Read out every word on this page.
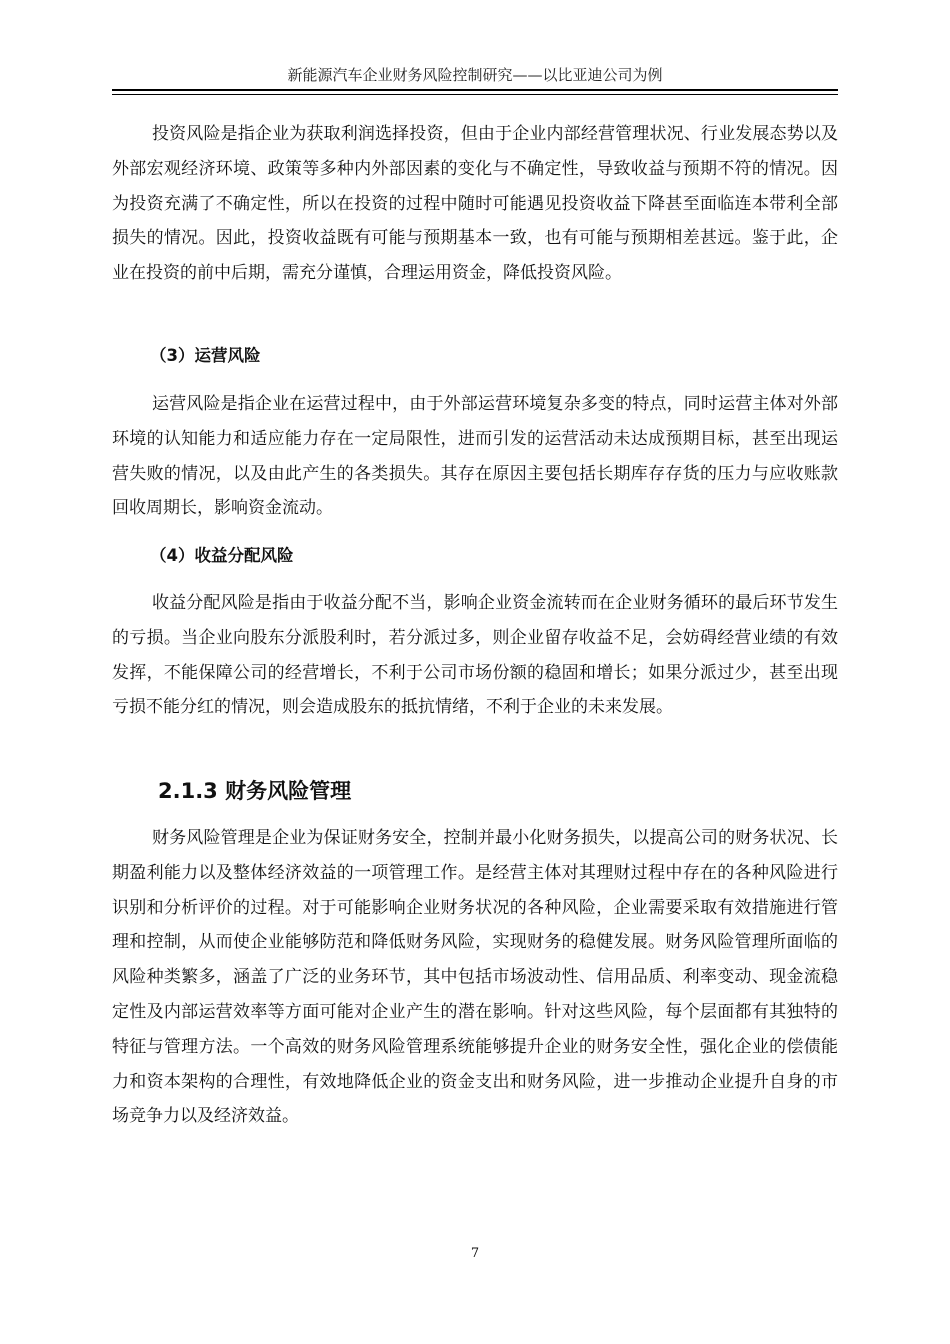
新能源汽车企业财务风险控制研究——以比亚迪公司为例

投资风险是指企业为获取利润选择投资，但由于企业内部经营管理状况、行业发展态势以及外部宏观经济环境、政策等多种内外部因素的变化与不确定性，导致收益与预期不符的情况。因为投资充满了不确定性，所以在投资的过程中随时可能遇见投资收益下降甚至面临连本带利全部损失的情况。因此，投资收益既有可能与预期基本一致，也有可能与预期相差甚远。鉴于此，企业在投资的前中后期，需充分谨慎，合理运用资金，降低投资风险。

（3）运营风险

运营风险是指企业在运营过程中，由于外部运营环境复杂多变的特点，同时运营主体对外部环境的认知能力和适应能力存在一定局限性，进而引发的运营活动未达成预期目标，甚至出现运营失败的情况，以及由此产生的各类损失。其存在原因主要包括长期库存存货的压力与应收账款回收周期长，影响资金流动。

（4）收益分配风险

收益分配风险是指由于收益分配不当，影响企业资金流转而在企业财务循环的最后环节发生的亏损。当企业向股东分派股利时，若分派过多，则企业留存收益不足，会妨碍经营业绩的有效发挥，不能保障公司的经营增长，不利于公司市场份额的稳固和增长；如果分派过少，甚至出现亏损不能分红的情况，则会造成股东的抵抗情绪，不利于企业的未来发展。

2.1.3 财务风险管理

财务风险管理是企业为保证财务安全，控制并最小化财务损失，以提高公司的财务状况、长期盈利能力以及整体经济效益的一项管理工作。是经营主体对其理财过程中存在的各种风险进行识别和分析评价的过程。对于可能影响企业财务状况的各种风险，企业需要采取有效措施进行管理和控制，从而使企业能够防范和降低财务风险，实现财务的稳健发展。财务风险管理所面临的风险种类繁多，涵盖了广泛的业务环节，其中包括市场波动性、信用品质、利率变动、现金流稳定性及内部运营效率等方面可能对企业产生的潜在影响。针对这些风险，每个层面都有其独特的特征与管理方法。一个高效的财务风险管理系统能够提升企业的财务安全性，强化企业的偿债能力和资本架构的合理性，有效地降低企业的资金支出和财务风险，进一步推动企业提升自身的市场竞争力以及经济效益。

7
